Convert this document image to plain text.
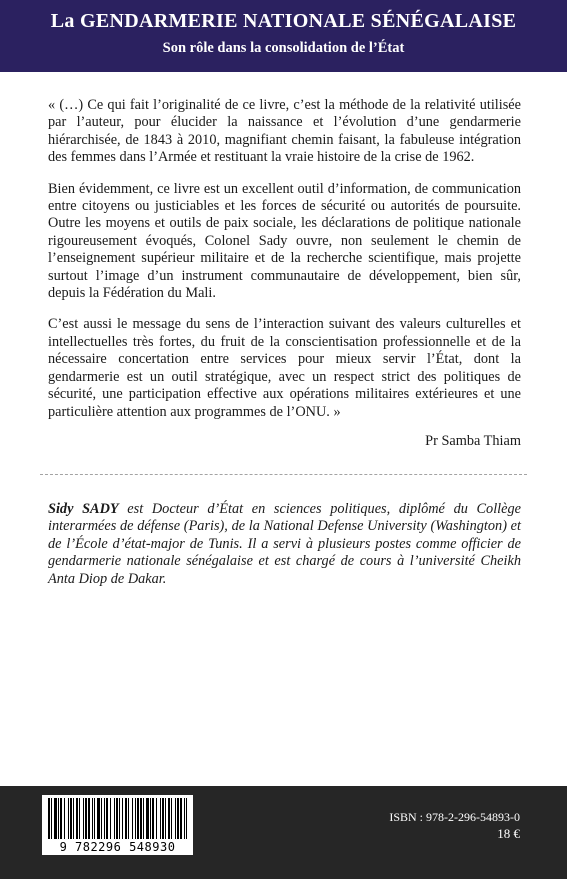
La GENDARMERIE NATIONALE SÉNÉGALAISE
Son rôle dans la consolidation de l’État

« (…) Ce qui fait l’originalité de ce livre, c’est la méthode de la relativité utilisée par l’auteur, pour élucider la naissance et l’évolution d’une gendarmerie hiérarchisée, de 1843 à 2010, magnifiant chemin faisant, la fabuleuse intégration des femmes dans l’Armée et restituant la vraie histoire de la crise de 1962.

Bien évidemment, ce livre est un excellent outil d’information, de communication entre citoyens ou justiciables et les forces de sécurité ou autorités de poursuite. Outre les moyens et outils de paix sociale, les déclarations de politique nationale rigoureusement évoqués, Colonel Sady ouvre, non seulement le chemin de l’enseignement supérieur militaire et de la recherche scientifique, mais projette surtout l’image d’un instrument communautaire de développement, bien sûr, depuis la Fédération du Mali.

C’est aussi le message du sens de l’interaction suivant des valeurs culturelles et intellectuelles très fortes, du fruit de la conscientisation professionnelle et de la nécessaire concertation entre services pour mieux servir l’État, dont la gendarmerie est un outil stratégique, avec un respect strict des politiques de sécurité, une participation effective aux opérations militaires extérieures et une particulière attention aux programmes de l’ONU. »

Pr Samba Thiam
Sidy SADY est Docteur d’État en sciences politiques, diplômé du Collège interarmées de défense (Paris), de la National Defense University (Washington) et de l’École d’état-major de Tunis. Il a servi à plusieurs postes comme officier de gendarmerie nationale sénégalaise et est chargé de cours à l’université Cheikh Anta Diop de Dakar.
9 782296 548930
ISBN : 978-2-296-54893-0
18 €
